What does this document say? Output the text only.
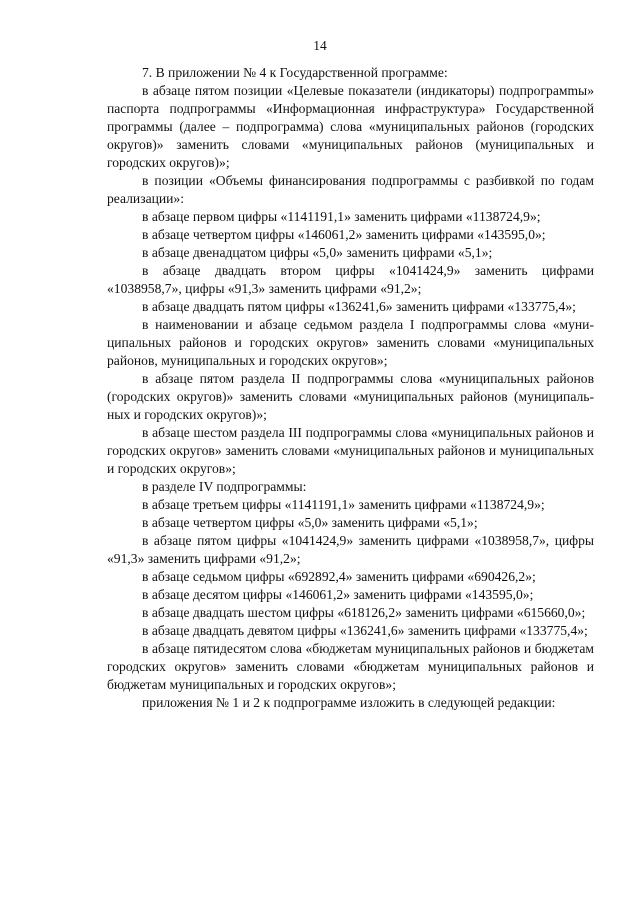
14

7. В приложении № 4 к Государственной программе:

в абзаце пятом позиции «Целевые показатели (индикаторы) подпрограмmы» паспорта подпрограммы «Информационная инфраструктура» Государственной программы (далее – подпрограмма) слова «муниципальных районов (городских округов)» заменить словами «муниципальных районов (муниципальных и городских округов)»;

в позиции «Объемы финансирования подпрограммы с разбивкой по годам реализации»:

в абзаце первом цифры «1141191,1» заменить цифрами «1138724,9»;

в абзаце четвертом цифры «146061,2» заменить цифрами «143595,0»;

в абзаце двенадцатом цифры «5,0» заменить цифрами «5,1»;

в абзаце двадцать втором цифры «1041424,9» заменить цифрами «1038958,7», цифры «91,3» заменить цифрами «91,2»;

в абзаце двадцать пятом цифры «136241,6» заменить цифрами «133775,4»;

в наименовании и абзаце седьмом раздела I подпрограммы слова «муниципальных районов и городских округов» заменить словами «муниципальных районов, муниципальных и городских округов»;

в абзаце пятом раздела II подпрограммы слова «муниципальных районов (городских округов)» заменить словами «муниципальных районов (муниципальных и городских округов)»;

в абзаце шестом раздела III подпрограммы слова «муниципальных районов и городских округов» заменить словами «муниципальных районов и муниципальных и городских округов»;

в разделе IV подпрограммы:

в абзаце третьем цифры «1141191,1» заменить цифрами «1138724,9»;

в абзаце четвертом цифры «5,0» заменить цифрами «5,1»;

в абзаце пятом цифры «1041424,9» заменить цифрами «1038958,7», цифры «91,3» заменить цифрами «91,2»;

в абзаце седьмом цифры «692892,4» заменить цифрами «690426,2»;

в абзаце десятом цифры «146061,2» заменить цифрами «143595,0»;

в абзаце двадцать шестом цифры «618126,2» заменить цифрами «615660,0»;

в абзаце двадцать девятом цифры «136241,6» заменить цифрами «133775,4»;

в абзаце пятидесятом слова «бюджетам муниципальных районов и бюджетам городских округов» заменить словами «бюджетам муниципальных районов и бюджетам муниципальных и городских округов»;

приложения № 1 и 2 к подпрограмме изложить в следующей редакции:
